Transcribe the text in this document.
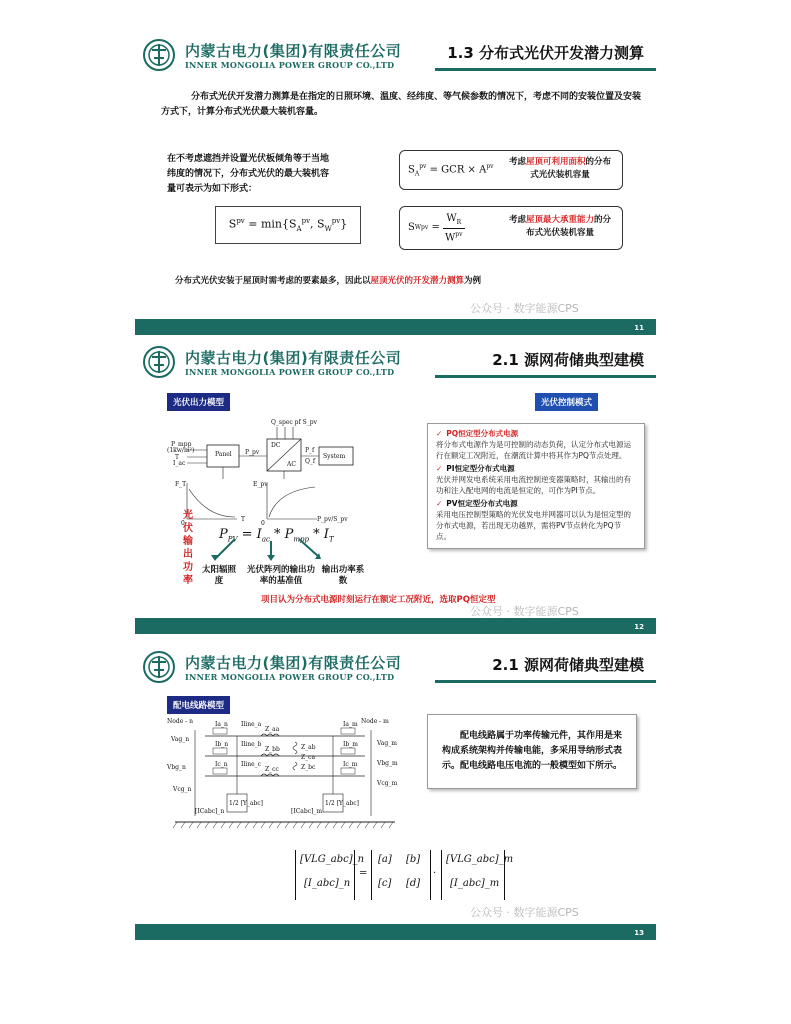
内蒙古电力(集团)有限责任公司
INNER MONGOLIA POWER GROUP CO.,LTD
1.3 分布式光伏开发潜力测算
分布式光伏开发潜力测算是在指定的日照环境、温度、经纬度、等气候参数的情况下，考虑不同的安装位置及安装方式下，计算分布式光伏最大装机容量。
在不考虑遮挡并设置光伏板倾角等于当地纬度的情况下，分布式光伏的最大装机容量可表示为如下形式：
$S^{pv} = \min\{S_A^{pv}$, $S_W^{pv}$}
$S_A^{pv}$ = GCR × $A^{pv}$	考虑屋顶可利用面积的分布式光伏装机容量
S W pv =
$W_R$
$W^{pv}$
考虑屋顶最大承重能力的分布式光伏装机容量
分布式光伏安装于屋顶时需考虑的要素最多，因此以屋顶光伏的开发潜力测算为例
公众号 · 数字能源CPS
11
内蒙古电力(集团)有限责任公司
INNER MONGOLIA POWER GROUP CO.,LTD
2.1 源网荷储典型建模
光伏出力模型	光伏控制模式
Panel
DC
AC
System
P_mpp
(1kw/m²)
T
I_ac
Q_spec pf S_pv
P_pv	P_f
Q_f
F_T
T
0
E_pv
P_pv/S_pv
0
光伏输出功率
$P_{PV} = I_{ac} * P_{mpp} * I_T$
太阳辐照度
光伏阵列的输出功率的基准值
输出功率系数
✓ PQ恒定型分布式电源
将分布式电源作为是可控制的动态负荷，认定分布式电源运行在额定工况附近，在潮流计算中将其作为PQ节点处理。
✓ PI恒定型分布式电源
光伏并网发电系统采用电流控制逆变器策略时，其输出的有功和注入配电网的电流是恒定的，可作为PI节点。
✓ PV恒定型分布式电源
采用电压控制型策略的光伏发电并网器可以认为是恒定型的分布式电源，若出现无功越界，需将PV节点转化为PQ节点。
项目认为分布式电源时刻运行在额定工况附近，选取PQ恒定型
公众号 · 数字能源CPS
12
内蒙古电力(集团)有限责任公司
INNER MONGOLIA POWER GROUP CO.,LTD
2.1 源网荷储典型建模
配电线路模型
Node - n	Node - m
Vag_n
Vbg_n
Vcg_n
Vag_m
Vbg_m
Vcg_m
Ia_n
Ib_n
Ic_n
Iline_a
Iline_b
Iline_c
Ia_m
Ib_m
Ic_m
Z_aa
Z_bb
Z_cc
Z_ab
Z_bc
Z_ca
1/2 [Y_abc]	1/2 [Y_abc]
[ICabc]_n	[ICabc]_m
配电线路属于功率传输元件，其作用是来构成系统架构并传输电能，多采用导纳形式表示。配电线路电压电流的一般模型如下所示。
[VLG_abc]_n
[I_abc]_n
=
[a] [b]
[c] [d]
·
[VLG_abc]_m
[I_abc]_m
公众号 · 数字能源CPS
13
